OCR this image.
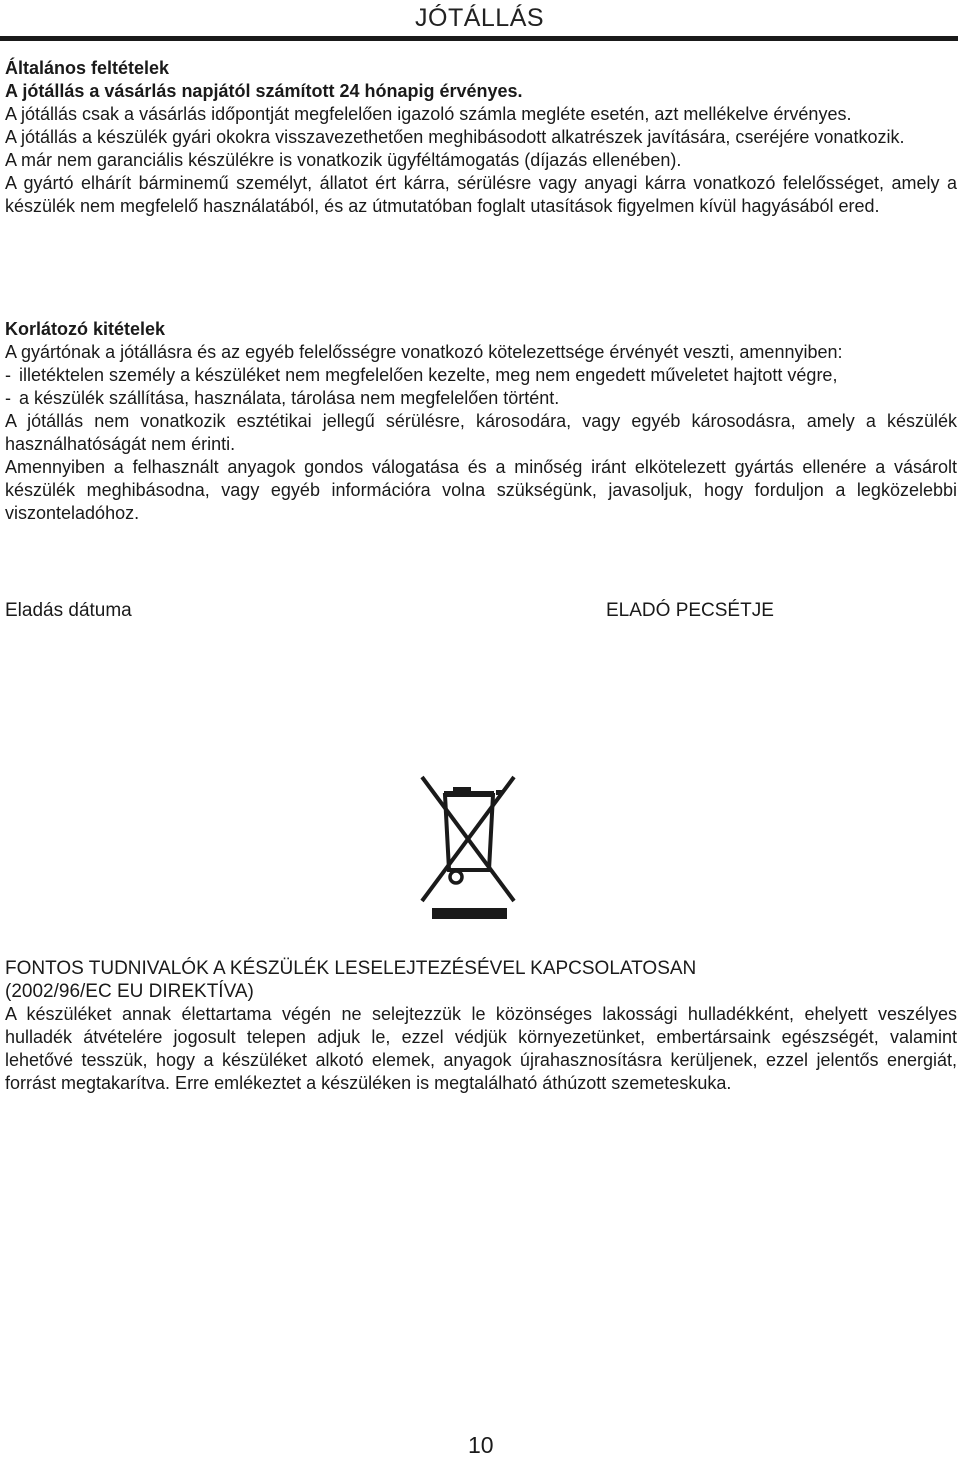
JÓTÁLLÁS

Általános feltételek

A jótállás a vásárlás napjától számított 24 hónapig érvényes.

A jótállás csak a vásárlás időpontját megfelelően igazoló számla megléte esetén, azt mellékelve érvényes.

A jótállás a készülék gyári okokra visszavezethetően meghibásodott alkatrészek javítására, cseréjére vonatkozik.

A már nem garanciális készülékre is vonatkozik ügyféltámogatás (díjazás ellenében).

A gyártó elhárít bárminemű személyt, állatot ért kárra, sérülésre vagy anyagi kárra vonatkozó felelősséget, amely a készülék nem megfelelő használatából, és az útmutatóban foglalt utasítások figyelmen kívül hagyásából ered.

Korlátozó kitételek

A gyártónak a jótállásra és az egyéb felelősségre vonatkozó kötelezettsége érvényét veszti, amennyiben:

- illetéktelen személy a készüléket nem megfelelően kezelte, meg nem engedett műveletet hajtott végre,

- a készülék szállítása, használata, tárolása nem megfelelően történt.

A jótállás nem vonatkozik esztétikai jellegű sérülésre, károsodára, vagy egyéb károsodásra, amely a készülék használhatóságát nem érinti.

Amennyiben a felhasznált anyagok gondos válogatása és a minőség iránt elkötelezett gyártás ellenére a vásárolt készülék meghibásodna, vagy egyéb információra volna szükségünk, javasoljuk, hogy forduljon a legközelebbi viszonteladóhoz.

Eladás dátuma	ELADÓ PECSÉTJE
FONTOS TUDNIVALÓK A KÉSZÜLÉK LESELEJTEZÉSÉVEL KAPCSOLATOSAN
(2002/96/EC EU DIREKTÍVA)

A készüléket annak élettartama végén ne selejtezzük le közönséges lakossági hulladékként, ehelyett veszélyes hulladék átvételére jogosult telepen adjuk le, ezzel védjük környezetünket, embertársaink egészségét, valamint lehetővé tesszük, hogy a készüléket alkotó elemek, anyagok újrahasznosításra kerüljenek, ezzel jelentős energiát, forrást megtakarítva. Erre emlékeztet a készüléken is megtalálható áthúzott szemeteskuka.

10
